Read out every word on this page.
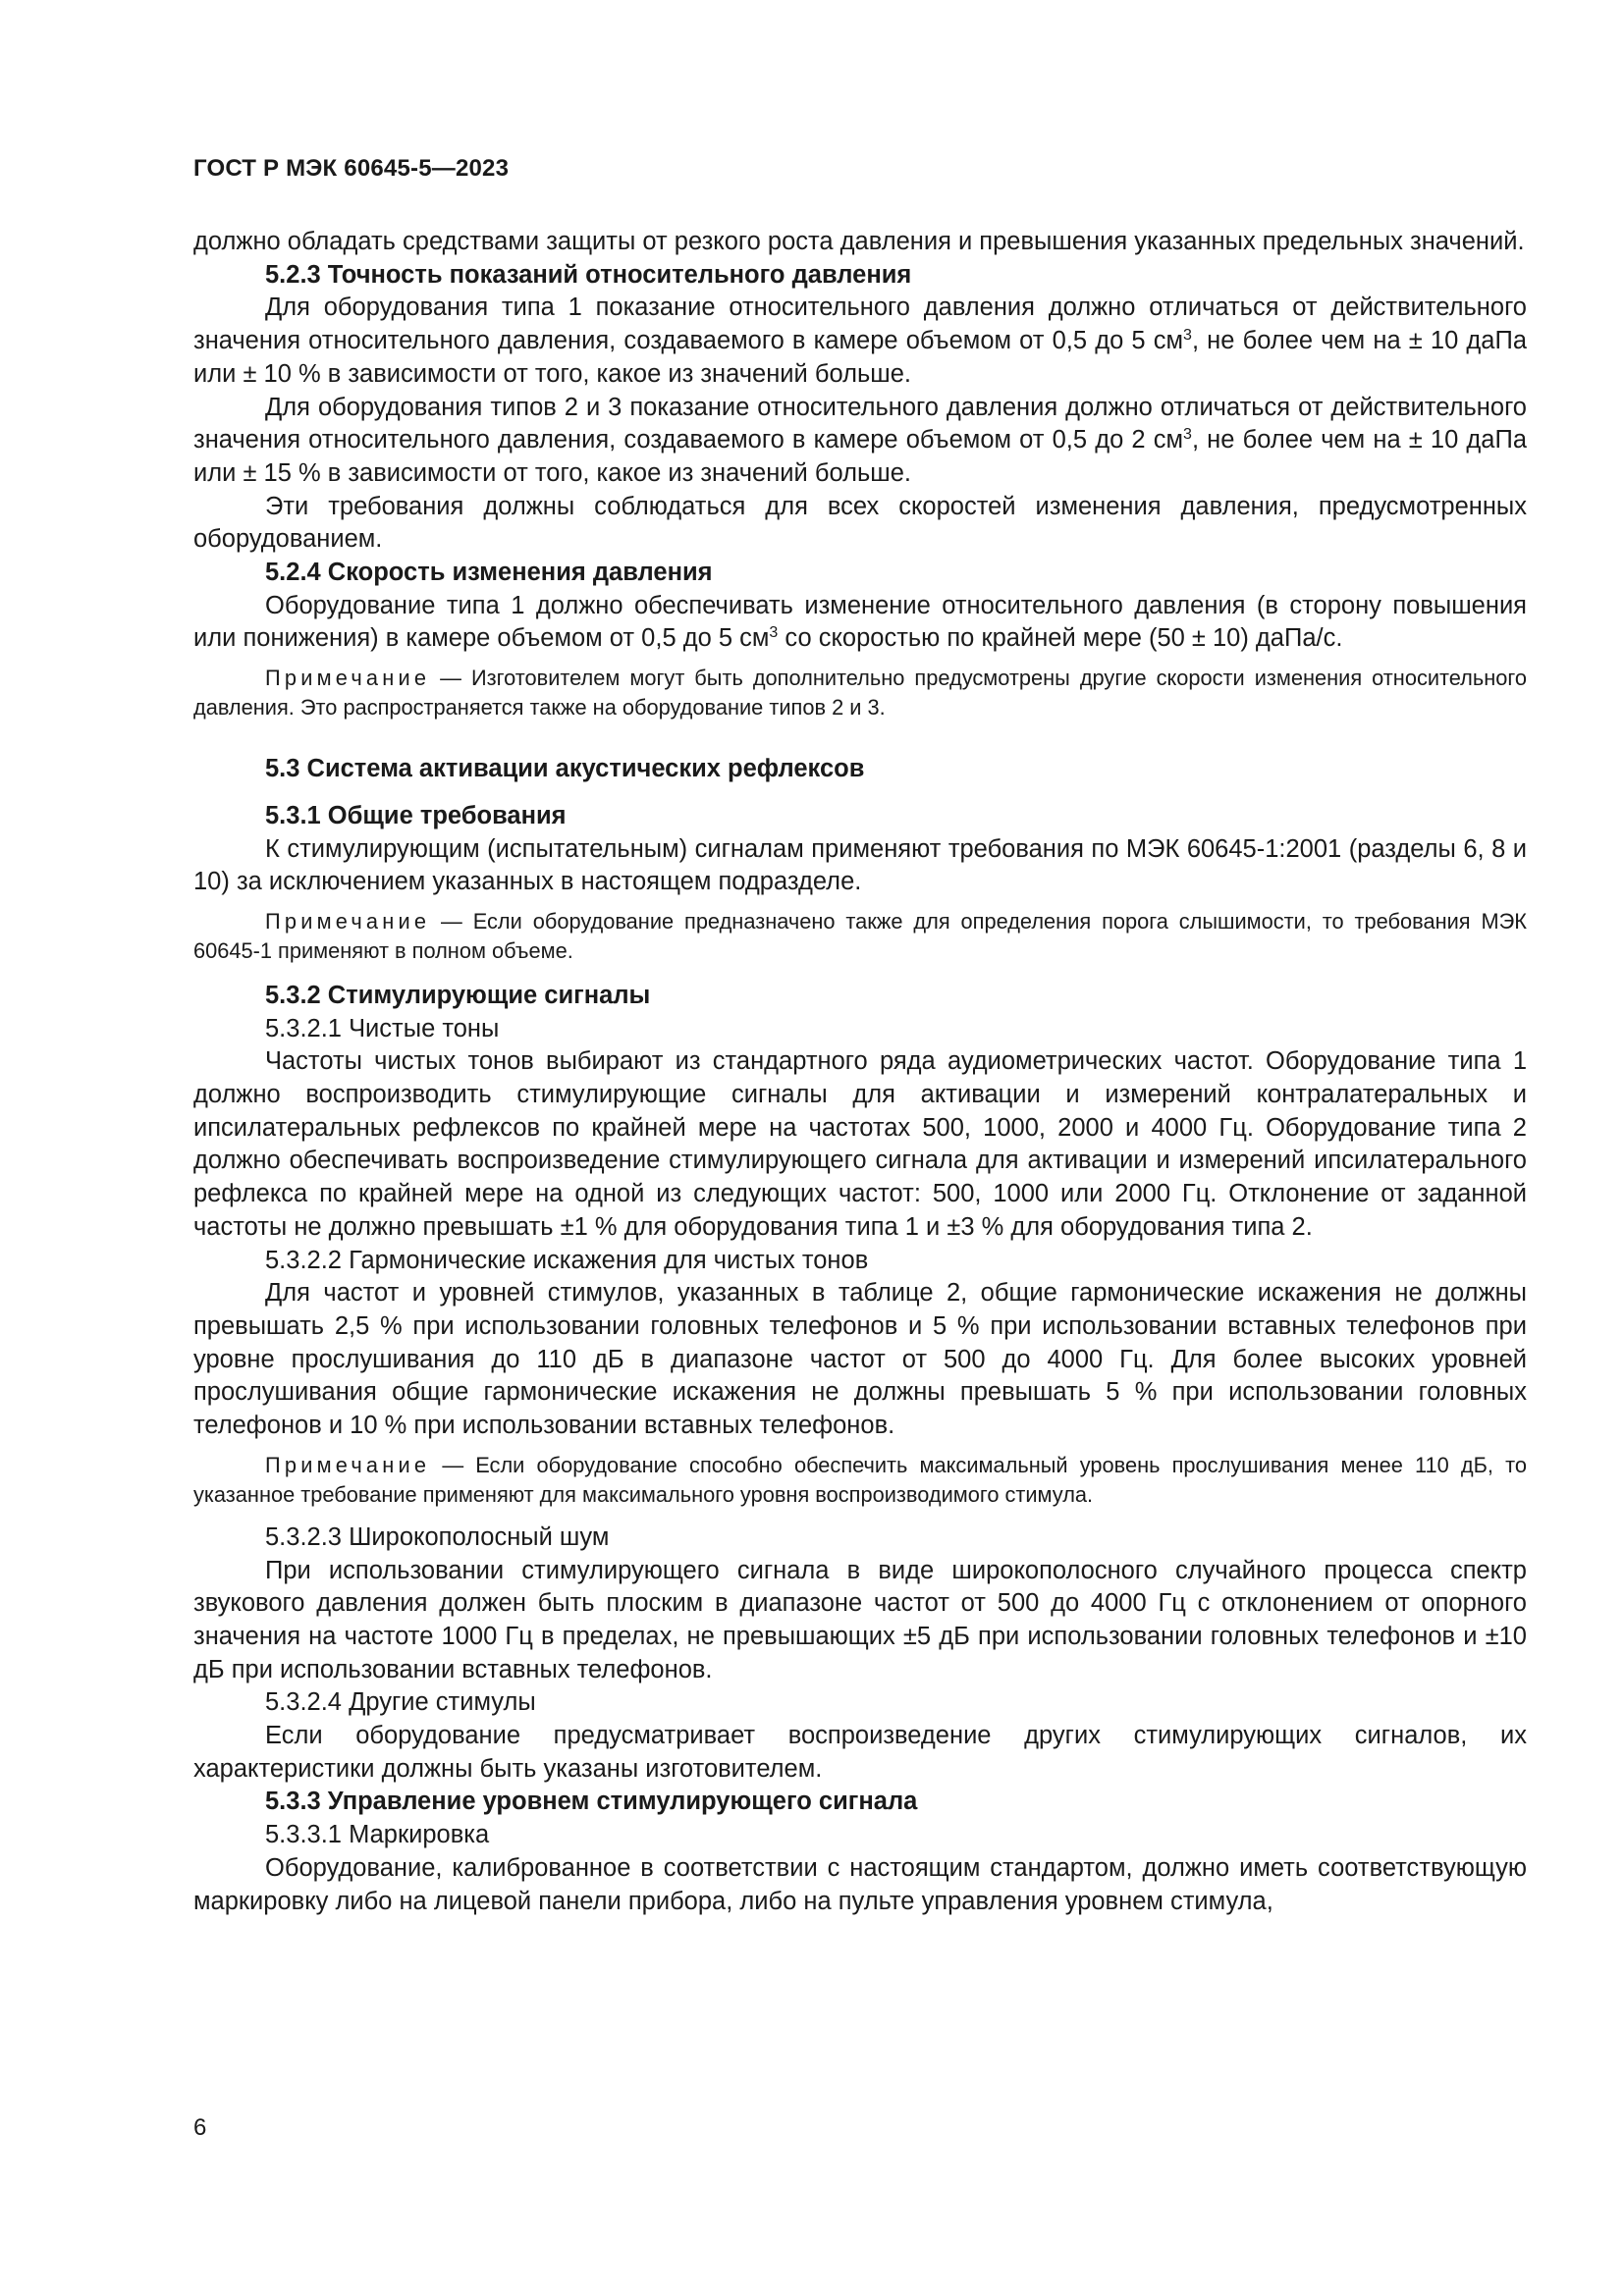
ГОСТ Р МЭК 60645-5—2023

должно обладать средствами защиты от резкого роста давления и превышения указанных предельных значений.

5.2.3 Точность показаний относительного давления

Для оборудования типа 1 показание относительного давления должно отличаться от действительного значения относительного давления, создаваемого в камере объемом от 0,5 до 5 $см^3$, не более чем на ± 10 даПа или ± 10 % в зависимости от того, какое из значений больше.

Для оборудования типов 2 и 3 показание относительного давления должно отличаться от действительного значения относительного давления, создаваемого в камере объемом от 0,5 до 2 $см^3$, не более чем на ± 10 даПа или ± 15 % в зависимости от того, какое из значений больше.

Эти требования должны соблюдаться для всех скоростей изменения давления, предусмотренных оборудованием.

5.2.4 Скорость изменения давления

Оборудование типа 1 должно обеспечивать изменение относительного давления (в сторону повышения или понижения) в камере объемом от 0,5 до 5 $см^3$ со скоростью по крайней мере (50 ± 10) даПа/с.

Примечание — Изготовителем могут быть дополнительно предусмотрены другие скорости изменения относительного давления. Это распространяется также на оборудование типов 2 и 3.

5.3 Система активации акустических рефлексов

5.3.1 Общие требования

К стимулирующим (испытательным) сигналам применяют требования по МЭК 60645-1:2001 (разделы 6, 8 и 10) за исключением указанных в настоящем подразделе.

Примечание — Если оборудование предназначено также для определения порога слышимости, то требования МЭК 60645-1 применяют в полном объеме.

5.3.2 Стимулирующие сигналы

5.3.2.1 Чистые тоны

Частоты чистых тонов выбирают из стандартного ряда аудиометрических частот. Оборудование типа 1 должно воспроизводить стимулирующие сигналы для активации и измерений контралатеральных и ипсилатеральных рефлексов по крайней мере на частотах 500, 1000, 2000 и 4000 Гц. Оборудование типа 2 должно обеспечивать воспроизведение стимулирующего сигнала для активации и измерений ипсилатерального рефлекса по крайней мере на одной из следующих частот: 500, 1000 или 2000 Гц. Отклонение от заданной частоты не должно превышать ±1 % для оборудования типа 1 и ±3 % для оборудования типа 2.

5.3.2.2 Гармонические искажения для чистых тонов

Для частот и уровней стимулов, указанных в таблице 2, общие гармонические искажения не должны превышать 2,5 % при использовании головных телефонов и 5 % при использовании вставных телефонов при уровне прослушивания до 110 дБ в диапазоне частот от 500 до 4000 Гц. Для более высоких уровней прослушивания общие гармонические искажения не должны превышать 5 % при использовании головных телефонов и 10 % при использовании вставных телефонов.

Примечание — Если оборудование способно обеспечить максимальный уровень прослушивания менее 110 дБ, то указанное требование применяют для максимального уровня воспроизводимого стимула.

5.3.2.3 Широкополосный шум

При использовании стимулирующего сигнала в виде широкополосного случайного процесса спектр звукового давления должен быть плоским в диапазоне частот от 500 до 4000 Гц с отклонением от опорного значения на частоте 1000 Гц в пределах, не превышающих ±5 дБ при использовании головных телефонов и ±10 дБ при использовании вставных телефонов.

5.3.2.4 Другие стимулы

Если оборудование предусматривает воспроизведение других стимулирующих сигналов, их характеристики должны быть указаны изготовителем.

5.3.3 Управление уровнем стимулирующего сигнала

5.3.3.1 Маркировка

Оборудование, калиброванное в соответствии с настоящим стандартом, должно иметь соответствующую маркировку либо на лицевой панели прибора, либо на пульте управления уровнем стимула,

6
